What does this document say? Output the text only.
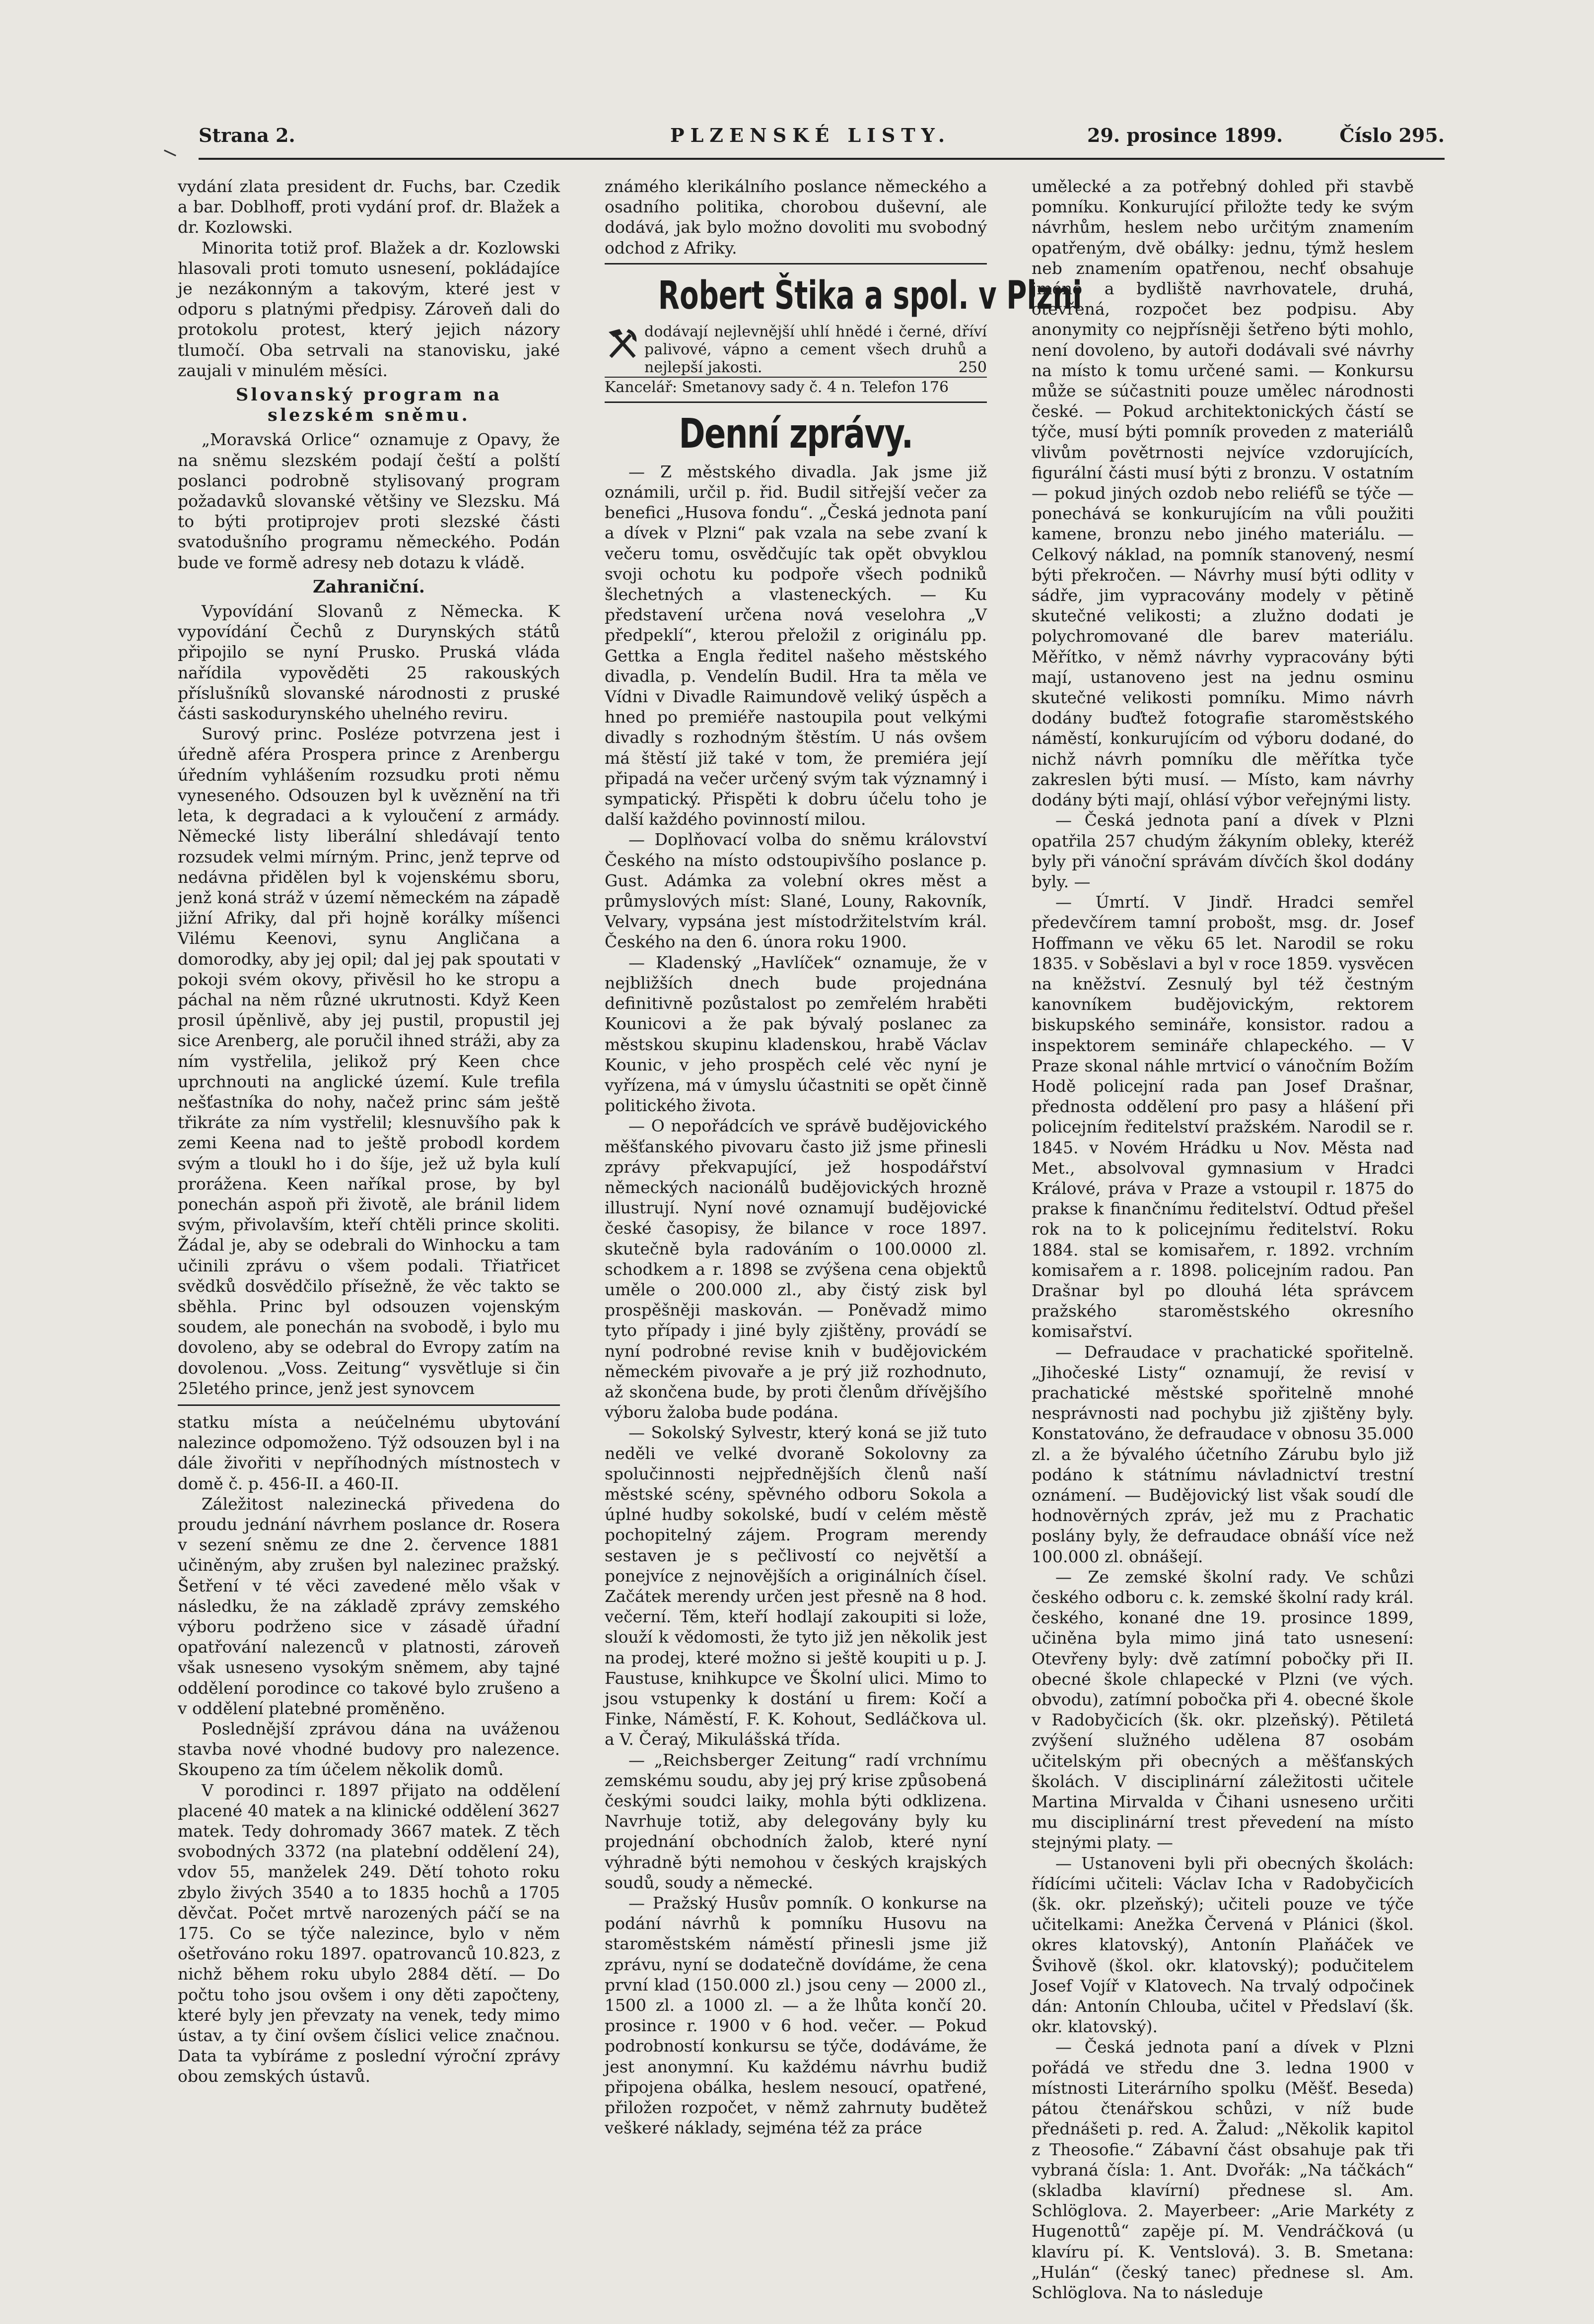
Strana 2.	PLZENSKÉ LISTY.	29. prosince 1899.	Číslo 295.

vydání zlata president dr. Fuchs, bar. Czedik a bar. Doblhoff, proti vydání prof. dr. Blažek a dr. Kozlowski.

Minorita totiž prof. Blažek a dr. Kozlowski hlasovali proti tomuto usnesení, pokládajíce je nezákonným a takovým, které jest v odporu s platnými předpisy. Zároveň dali do protokolu protest, který jejich názory tlumočí. Oba setrvali na stanovisku, jaké zaujali v minulém měsíci.

Slovanský program na slezském sněmu.

„Moravská Orlice“ oznamuje z Opavy, že na sněmu slezském podají čeští a polští poslanci podrobně stylisovaný program požadavků slovanské většiny ve Slezsku. Má to býti protiprojev proti slezské části svatodušního programu německého. Podán bude ve formě adresy neb dotazu k vládě.

Zahraniční.

Vypovídání Slovanů z Německa. K vypovídání Čechů z Durynských států připojilo se nyní Prusko. Pruská vláda nařídila vypověděti 25 rakouských příslušníků slovanské národnosti z pruské části saskodurynského uhelného reviru.

Surový princ. Posléze potvrzena jest i úředně aféra Prospera prince z Arenbergu úředním vyhlášením rozsudku proti němu vyneseného. Odsouzen byl k uvěznění na tři leta, k degradaci a k vyloučení z armády. Německé listy liberální shledávají tento rozsudek velmi mírným. Princ, jenž teprve od nedávna přidělen byl k vojenskému sboru, jenž koná stráž v území německém na západě jižní Afriky, dal při hojně korálky míšenci Vilému Keenovi, synu Angličana a domorodky, aby jej opil; dal jej pak spoutati v pokoji svém okovy, přivěsil ho ke stropu a páchal na něm různé ukrutnosti. Když Keen prosil úpěnlivě, aby jej pustil, propustil jej sice Arenberg, ale poručil ihned stráži, aby za ním vystřelila, jelikož prý Keen chce uprchnouti na anglické území. Kule trefila nešťastníka do nohy, načež princ sám ještě třikráte za ním vystřelil; klesnuvšího pak k zemi Keena nad to ještě probodl kordem svým a tloukl ho i do šíje, jež už byla kulí prorážena. Keen naříkal prose, by byl ponechán aspoň při životě, ale bránil lidem svým, přivolavším, kteří chtěli prince skoliti. Žádal je, aby se odebrali do Winhocku a tam učinili zprávu o všem podali. Třiatřicet svědků dosvědčilo přísežně, že věc takto se sběhla. Princ byl odsouzen vojenským soudem, ale ponechán na svobodě, i bylo mu dovoleno, aby se odebral do Evropy zatím na dovolenou. „Voss. Zeitung“ vysvětluje si čin 25letého prince, jenž jest synovcem

statku místa a neúčelnému ubytování nalezince odpomoženo. Týž odsouzen byl i na dále živořiti v nepříhodných místnostech v domě č. p. 456-II. a 460-II.

Záležitost nalezinecká přivedena do proudu jednání návrhem poslance dr. Rosera v sezení sněmu ze dne 2. července 1881 učiněným, aby zrušen byl nalezinec pražský. Šetření v té věci zavedené mělo však v následku, že na základě zprávy zemského výboru podrženo sice v zásadě úřadní opatřování nalezenců v platnosti, zároveň však usneseno vysokým sněmem, aby tajné oddělení porodince co takové bylo zrušeno a v oddělení platebné proměněno.

Poslednější zprávou dána na uváženou stavba nové vhodné budovy pro nalezence. Skoupeno za tím účelem několik domů.

V porodinci r. 1897 přijato na oddělení placené 40 matek a na klinické oddělení 3627 matek. Tedy dohromady 3667 matek. Z těch svobodných 3372 (na platební oddělení 24), vdov 55, manželek 249. Dětí tohoto roku zbylo živých 3540 a to 1835 hochů a 1705 děvčat. Počet mrtvě narozených páčí se na 175. Co se týče nalezince, bylo v něm ošetřováno roku 1897. opatrovanců 10.823, z nichž během roku ubylo 2884 dětí. — Do počtu toho jsou ovšem i ony děti započteny, které byly jen převzaty na venek, tedy mimo ústav, a ty činí ovšem číslici velice značnou. Data ta vybíráme z poslední výroční zprávy obou zemských ústavů.

známého klerikálního poslance německého a osadního politika, chorobou duševní, ale dodává, jak bylo možno dovoliti mu svobodný odchod z Afriky.

Robert Štika a spol. v Plzni
dodávají nejlevnější uhlí hnědé i černé, dříví palivové, vápno a cement všech druhů a nejlepší jakosti.	250

Kancelář: Smetanovy sady č. 4 n. Telefon 176

Denní zprávy.

— Z městského divadla. Jak jsme již oznámili, určil p. řid. Budil sitřejší večer za benefici „Husova fondu“. „Česká jednota paní a dívek v Plzni“ pak vzala na sebe zvaní k večeru tomu, osvědčujíc tak opět obvyklou svoji ochotu ku podpoře všech podniků šlechetných a vlasteneckých. — Ku představení určena nová veselohra „V předpeklí“, kterou přeložil z originálu pp. Gettka a Engla ředitel našeho městského divadla, p. Vendelín Budil. Hra ta měla ve Vídni v Divadle Raimundově veliký úspěch a hned po premiéře nastoupila pout velkými divadly s rozhodným štěstím. U nás ovšem má štěstí již také v tom, že premiéra její připadá na večer určený svým tak významný i sympatický. Přispěti k dobru účelu toho je další každého povinností milou.

— Doplňovací volba do sněmu království Českého na místo odstoupivšího poslance p. Gust. Adámka za volební okres měst a průmyslových míst: Slané, Louny, Rakovník, Velvary, vypsána jest místodržitelstvím král. Českého na den 6. února roku 1900.

— Kladenský „Havlíček“ oznamuje, že v nejbližších dnech bude projednána definitivně pozůstalost po zemřelém hraběti Kounicovi a že pak bývalý poslanec za městskou skupinu kladenskou, hrabě Václav Kounic, v jeho prospěch celé věc nyní je vyřízena, má v úmyslu účastniti se opět činně politického života.

— O nepořádcích ve správě budějovického měšťanského pivovaru často již jsme přinesli zprávy překvapující, jež hospodářství německých nacionálů budějovických hrozně illustrují. Nyní nové oznamují budějovické české časopisy, že bilance v roce 1897. skutečně byla radováním o 100.0000 zl. schodkem a r. 1898 se zvýšena cena objektů uměle o 200.000 zl., aby čistý zisk byl prospěšněji maskován. — Poněvadž mimo tyto případy i jiné byly zjištěny, provádí se nyní podrobné revise knih v budějovickém německém pivovaře a je prý již rozhodnuto, až skončena bude, by proti členům dřívějšího výboru žaloba bude podána.

— Sokolský Sylvestr, který koná se již tuto neděli ve velké dvoraně Sokolovny za spolučinnosti nejpřednějších členů naší městské scény, spěvného odboru Sokola a úplné hudby sokolské, budí v celém městě pochopitelný zájem. Program merendy sestaven je s pečlivostí co největší a ponejvíce z nejnovějších a originálních čísel. Začátek merendy určen jest přesně na 8 hod. večerní. Těm, kteří hodlají zakoupiti si lože, slouží k vědomosti, že tyto již jen několik jest na prodej, které možno si ještě koupiti u p. J. Faustuse, knihkupce ve Školní ulici. Mimo to jsou vstupenky k dostání u firem: Kočí a Finke, Náměstí, F. K. Kohout, Sedláčkova ul. a V. Čeraý, Mikulášská třída.

— „Reichsberger Zeitung“ radí vrchnímu zemskému soudu, aby jej prý krise způsobená českými soudci laiky, mohla býti odklizena. Navrhuje totiž, aby delegovány byly ku projednání obchodních žalob, které nyní výhradně býti nemohou v českých krajských soudů, soudy a německé.

— Pražský Husův pomník. O konkurse na podání návrhů k pomníku Husovu na staroměstském náměstí přinesli jsme již zprávu, nyní se dodatečně dovídáme, že cena první klad (150.000 zl.) jsou ceny — 2000 zl., 1500 zl. a 1000 zl. — a že lhůta končí 20. prosince r. 1900 v 6 hod. večer. — Pokud podrobností konkursu se týče, dodáváme, že jest anonymní. Ku každému návrhu budiž připojena obálka, heslem nesoucí, opatřené, přiložen rozpočet, v němž zahrnuty budětež veškeré náklady, sejména též za práce

umělecké a za potřebný dohled při stavbě pomníku. Konkurující přiložte tedy ke svým návrhům, heslem nebo určitým znamením opatřeným, dvě obálky: jednu, týmž heslem neb znamením opatřenou, nechť obsahuje jméno a bydliště navrhovatele, druhá, otevřená, rozpočet bez podpisu. Aby anonymity co nejpřísněji šetřeno býti mohlo, není dovoleno, by autoři dodávali své návrhy na místo k tomu určené sami. — Konkursu může se súčastniti pouze umělec národnosti české. — Pokud architektonických částí se týče, musí býti pomník proveden z materiálů vlivům povětrnosti nejvíce vzdorujících, figurální části musí býti z bronzu. V ostatním — pokud jiných ozdob nebo reliéfů se týče — ponechává se konkurujícím na vůli použiti kamene, bronzu nebo jiného materiálu. — Celkový náklad, na pomník stanovený, nesmí býti překročen. — Návrhy musí býti odlity v sádře, jim vypracovány modely v pětině skutečné velikosti; a zlužno dodati je polychromované dle barev materiálu. Měřítko, v němž návrhy vypracovány býti mají, ustanoveno jest na jednu osminu skutečné velikosti pomníku. Mimo návrh dodány buďtež fotografie staroměstského náměstí, konkurujícím od výboru dodané, do nichž návrh pomníku dle měřítka tyče zakreslen býti musí. — Místo, kam návrhy dodány býti mají, ohlásí výbor veřejnými listy.

— Česká jednota paní a dívek v Plzni opatřila 257 chudým žákyním obleky, kteréž byly při vánoční správám dívčích škol dodány byly. —

— Úmrtí. V Jindř. Hradci semřel předevčírem tamní probošt, msg. dr. Josef Hoffmann ve věku 65 let. Narodil se roku 1835. v Soběslavi a byl v roce 1859. vysvěcen na kněžství. Zesnulý byl též čestným kanovníkem budějovickým, rektorem biskupského semináře, konsistor. radou a inspektorem semináře chlapeckého. — V Praze skonal náhle mrtvicí o vánočním Božím Hodě policejní rada pan Josef Drašnar, přednosta oddělení pro pasy a hlášení při policejním ředitelství pražském. Narodil se r. 1845. v Novém Hrádku u Nov. Města nad Met., absolvoval gymnasium v Hradci Králové, práva v Praze a vstoupil r. 1875 do prakse k finančnímu ředitelství. Odtud přešel rok na to k policejnímu ředitelství. Roku 1884. stal se komisařem, r. 1892. vrchním komisařem a r. 1898. policejním radou. Pan Drašnar byl po dlouhá léta správcem pražského staroměstského okresního komisařství.

— Defraudace v prachatické spořitelně. „Jihočeské Listy“ oznamují, že revisí v prachatické městské spořitelně mnohé nesprávnosti nad pochybu již zjištěny byly. Konstatováno, že defraudace v obnosu 35.000 zl. a že bývalého účetního Zárubu bylo již podáno k státnímu návladnictví trestní oznámení. — Budějovický list však soudí dle hodnověrných zpráv, jež mu z Prachatic poslány byly, že defraudace obnáší více než 100.000 zl. obnášejí.

— Ze zemské školní rady. Ve schůzi českého odboru c. k. zemské školní rady král. českého, konané dne 19. prosince 1899, učiněna byla mimo jiná tato usnesení: Otevřeny byly: dvě zatímní pobočky při II. obecné škole chlapecké v Plzni (ve vých. obvodu), zatímní pobočka při 4. obecné škole v Radobyčicích (šk. okr. plzeňský). Pětiletá zvýšení služného udělena 87 osobám učitelským při obecných a měšťanských školách. V disciplinární záležitosti učitele Martina Mirvalda v Čihani usneseno určiti mu disciplinární trest převedení na místo stejnými platy. —

— Ustanoveni byli při obecných školách: řídícími učiteli: Václav Icha v Radobyčicích (šk. okr. plzeňský); učiteli pouze ve týče učitelkami: Anežka Červená v Plánici (škol. okres klatovský), Antonín Plaňáček ve Švihově (škol. okr. klatovský); podučitelem Josef Vojíř v Klatovech. Na trvalý odpočinek dán: Antonín Chlouba, učitel v Předslaví (šk. okr. klatovský).

— Česká jednota paní a dívek v Plzni pořádá ve středu dne 3. ledna 1900 v místnosti Literárního spolku (Měšť. Beseda) pátou čtenářskou schůzi, v níž bude přednášeti p. red. A. Žalud: „Několik kapitol z Theosofie.“ Zábavní část obsahuje pak tři vybraná čísla: 1. Ant. Dvořák: „Na táčkách“ (skladba klavírní) přednese sl. Am. Schlöglova. 2. Mayerbeer: „Arie Markéty z Hugenottů“ zapěje pí. M. Vendráčková (u klavíru pí. K. Ventslová). 3. B. Smetana: „Hulán“ (český tanec) přednese sl. Am. Schlöglova. Na to následuje
